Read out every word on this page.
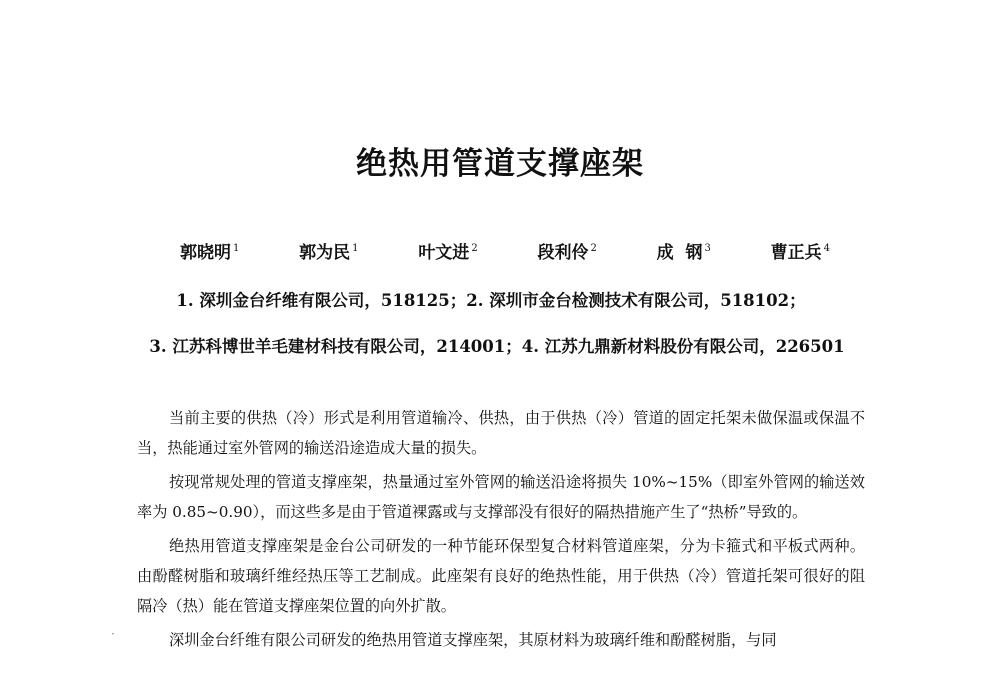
绝热用管道支撑座架
郭晓明 $^1$	郭为民 $^1$	叶文进 $^2$	段利伶 $^2$	成  钢 $^3$	曹正兵 $^4$
1. 深圳金台纤维有限公司，518125；2. 深圳市金台检测技术有限公司，518102；
3. 江苏科博世羊毛建材科技有限公司，214001；4. 江苏九鼎新材料股份有限公司，226501

当前主要的供热（冷）形式是利用管道输冷、供热，由于供热（冷）管道的固定托架未做保温或保温不当，热能通过室外管网的输送沿途造成大量的损失。

按现常规处理的管道支撑座架，热量通过室外管网的输送沿途将损失 10%~15%（即室外管网的输送效率为 0.85~0.90），而这些多是由于管道裸露或与支撑部没有很好的隔热措施产生了“热桥”导致的。

绝热用管道支撑座架是金台公司研发的一种节能环保型复合材料管道座架，分为卡箍式和平板式两种。由酚醛树脂和玻璃纤维经热压等工艺制成。此座架有良好的绝热性能，用于供热（冷）管道托架可很好的阻隔冷（热）能在管道支撑座架位置的向外扩散。

深圳金台纤维有限公司研发的绝热用管道支撑座架，其原材料为玻璃纤维和酚醛树脂，与同

·
